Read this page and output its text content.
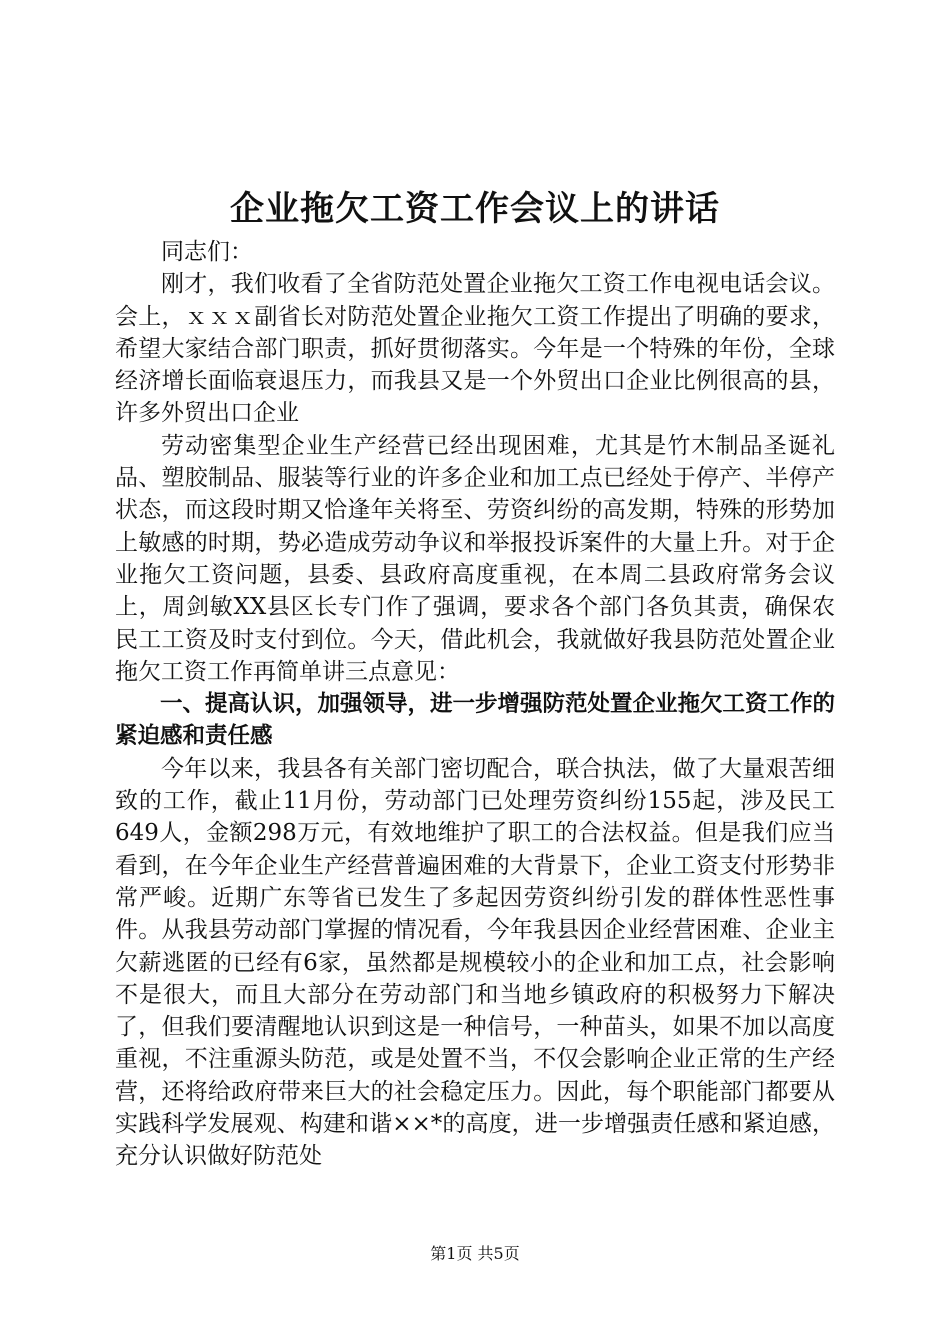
企业拖欠工资工作会议上的讲话

同志们：

刚才，我们收看了全省防范处置企业拖欠工资工作电视电话会议。会上，ｘｘｘ副省长对防范处置企业拖欠工资工作提出了明确的要求，希望大家结合部门职责，抓好贯彻落实。今年是一个特殊的年份，全球经济增长面临衰退压力，而我县又是一个外贸出口企业比例很高的县，许多外贸出口企业

劳动密集型企业生产经营已经出现困难，尤其是竹木制品圣诞礼品、塑胶制品、服装等行业的许多企业和加工点已经处于停产、半停产状态，而这段时期又恰逢年关将至、劳资纠纷的高发期，特殊的形势加上敏感的时期，势必造成劳动争议和举报投诉案件的大量上升。对于企业拖欠工资问题，县委、县政府高度重视，在本周二县政府常务会议上，周剑敏XX县区长专门作了强调，要求各个部门各负其责，确保农民工工资及时支付到位。今天，借此机会，我就做好我县防范处置企业拖欠工资工作再简单讲三点意见：

一、提高认识，加强领导，进一步增强防范处置企业拖欠工资工作的紧迫感和责任感

今年以来，我县各有关部门密切配合，联合执法，做了大量艰苦细致的工作，截止11月份，劳动部门已处理劳资纠纷155起，涉及民工649人，金额298万元，有效地维护了职工的合法权益。但是我们应当看到，在今年企业生产经营普遍困难的大背景下，企业工资支付形势非常严峻。近期广东等省已发生了多起因劳资纠纷引发的群体性恶性事件。从我县劳动部门掌握的情况看，今年我县因企业经营困难、企业主欠薪逃匿的已经有6家，虽然都是规模较小的企业和加工点，社会影响不是很大，而且大部分在劳动部门和当地乡镇政府的积极努力下解决了，但我们要清醒地认识到这是一种信号，一种苗头，如果不加以高度重视，不注重源头防范，或是处置不当，不仅会影响企业正常的生产经营，还将给政府带来巨大的社会稳定压力。因此，每个职能部门都要从实践科学发展观、构建和谐××*的高度，进一步增强责任感和紧迫感，充分认识做好防范处

第1页 共5页
